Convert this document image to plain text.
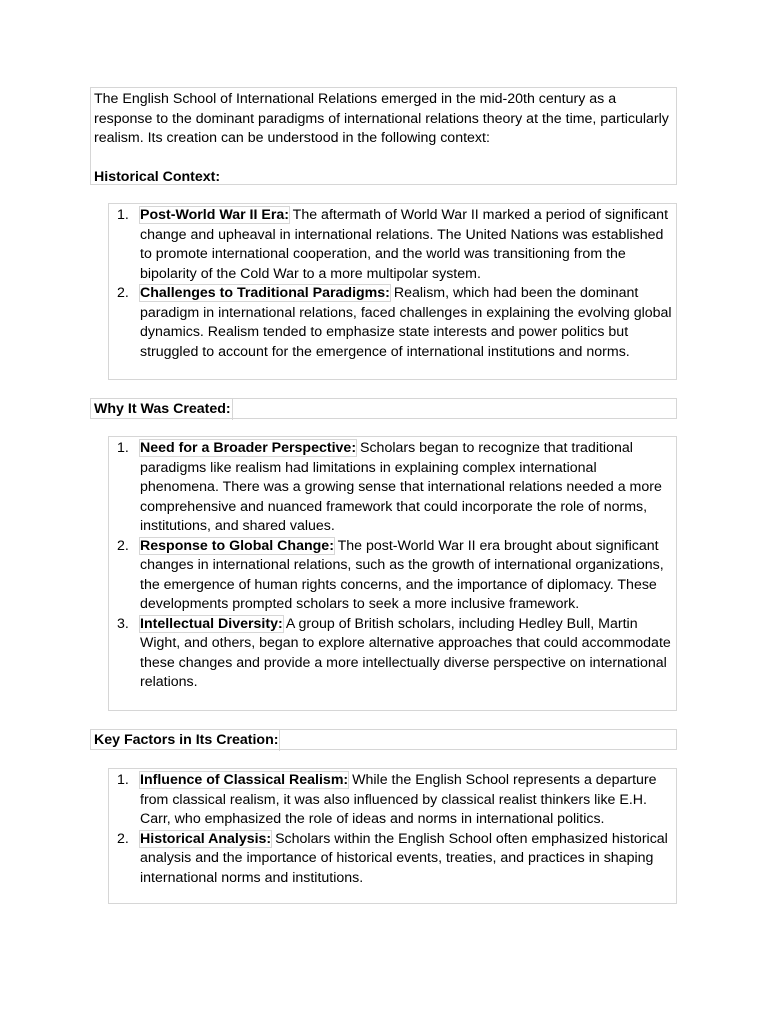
The English School of International Relations emerged in the mid-20th century as a response to the dominant paradigms of international relations theory at the time, particularly realism. Its creation can be understood in the following context:

Historical Context:

1. Post-World War II Era: The aftermath of World War II marked a period of significant change and upheaval in international relations. The United Nations was established to promote international cooperation, and the world was transitioning from the bipolarity of the Cold War to a more multipolar system.
2. Challenges to Traditional Paradigms: Realism, which had been the dominant paradigm in international relations, faced challenges in explaining the evolving global dynamics. Realism tended to emphasize state interests and power politics but struggled to account for the emergence of international institutions and norms.
Why It Was Created:
1. Need for a Broader Perspective: Scholars began to recognize that traditional paradigms like realism had limitations in explaining complex international phenomena. There was a growing sense that international relations needed a more comprehensive and nuanced framework that could incorporate the role of norms, institutions, and shared values.
2. Response to Global Change: The post-World War II era brought about significant changes in international relations, such as the growth of international organizations, the emergence of human rights concerns, and the importance of diplomacy. These developments prompted scholars to seek a more inclusive framework.
3. Intellectual Diversity: A group of British scholars, including Hedley Bull, Martin Wight, and others, began to explore alternative approaches that could accommodate these changes and provide a more intellectually diverse perspective on international relations.
Key Factors in Its Creation:
1. Influence of Classical Realism: While the English School represents a departure from classical realism, it was also influenced by classical realist thinkers like E.H. Carr, who emphasized the role of ideas and norms in international politics.
2. Historical Analysis: Scholars within the English School often emphasized historical analysis and the importance of historical events, treaties, and practices in shaping international norms and institutions.
